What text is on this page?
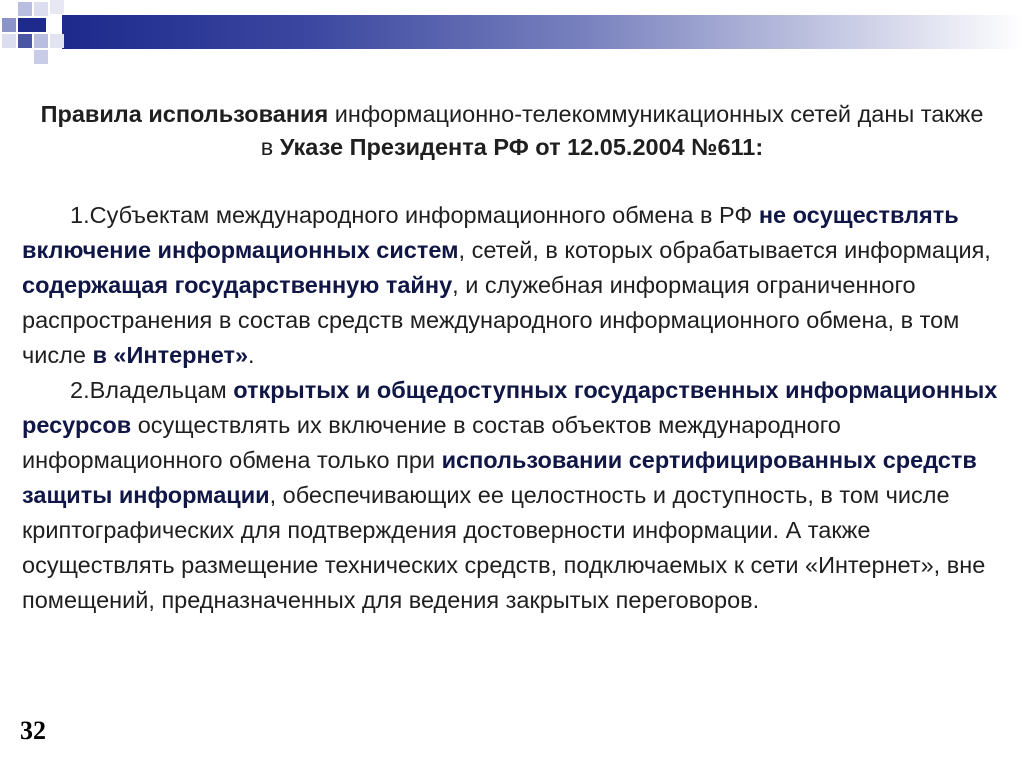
Правила использования информационно-телекоммуникационных сетей даны также в Указе Президента РФ от 12.05.2004 №611:

1.Субъектам международного информационного обмена в РФ не осуществлять включение информационных систем, сетей, в которых обрабатывается информация, содержащая государственную тайну, и служебная информация ограниченного распространения в состав средств международного информационного обмена, в том числе в «Интернет».

2.Владельцам открытых и общедоступных государственных информационных ресурсов осуществлять их включение в состав объектов международного информационного обмена только при использовании сертифицированных средств защиты информации, обеспечивающих ее целостность и доступность, в том числе криптографических для подтверждения достоверности информации. А также осуществлять размещение технических средств, подключаемых к сети «Интернет», вне помещений, предназначенных для ведения закрытых переговоров.

32
